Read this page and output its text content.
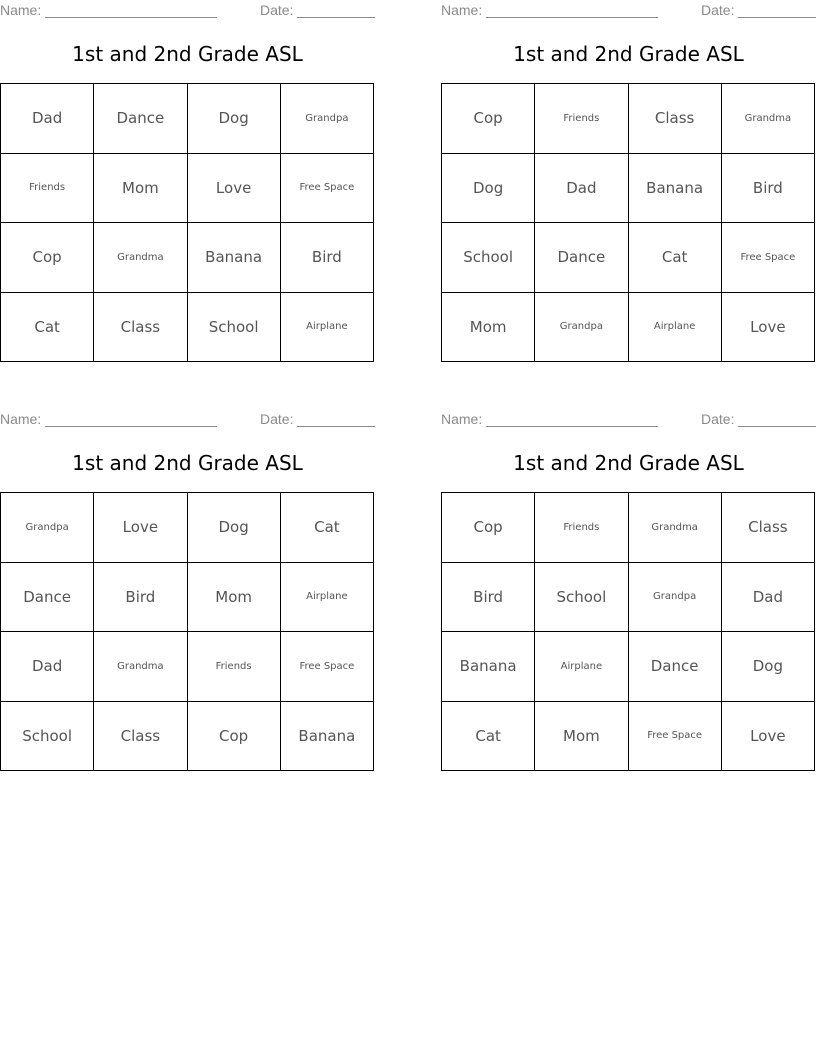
Name:	Date:
1st and 2nd Grade ASL
Dad	Dance	Dog	Grandpa
Friends	Mom	Love	Free Space
Cop	Grandma	Banana	Bird
Cat	Class	School	Airplane
Name:	Date:
1st and 2nd Grade ASL
Cop	Friends	Class	Grandma
Dog	Dad	Banana	Bird
School	Dance	Cat	Free Space
Mom	Grandpa	Airplane	Love
Name:	Date:
1st and 2nd Grade ASL
Grandpa	Love	Dog	Cat
Dance	Bird	Mom	Airplane
Dad	Grandma	Friends	Free Space
School	Class	Cop	Banana
Name:	Date:
1st and 2nd Grade ASL
Cop	Friends	Grandma	Class
Bird	School	Grandpa	Dad
Banana	Airplane	Dance	Dog
Cat	Mom	Free Space	Love
